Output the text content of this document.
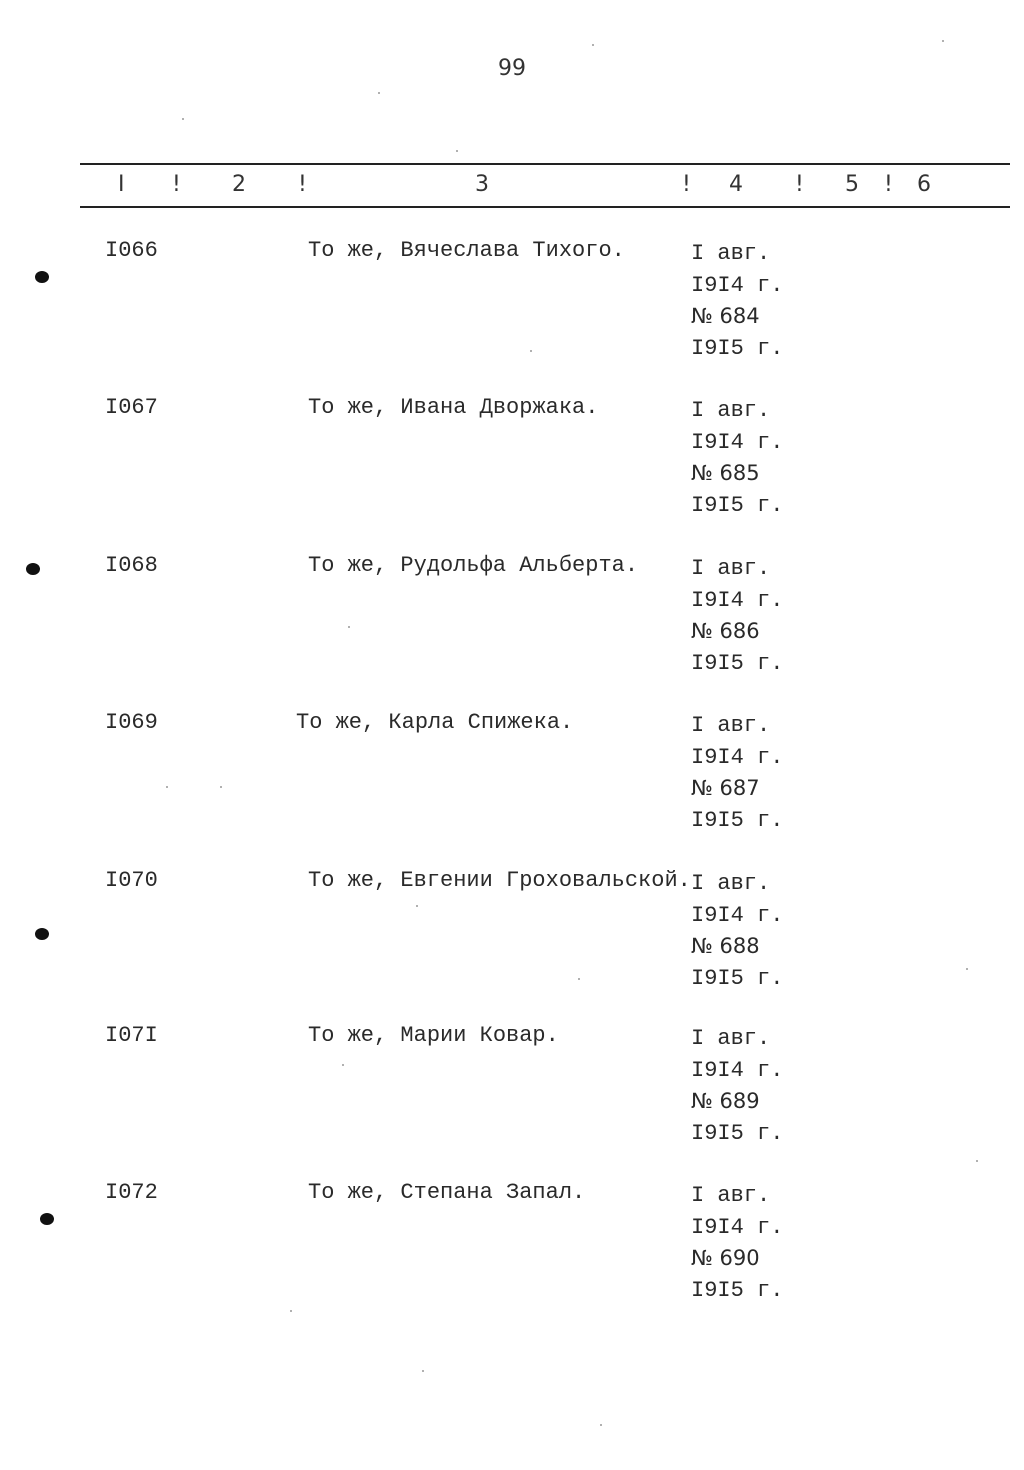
99
I ! 2 !	3	! 4 ! 5 ! 6
I066	То же, Вячеслава Тихого.	I авг.
I9I4 г.
№ 684
I9I5 г.
I067	То же, Ивана Дворжака.	I авг.
I9I4 г.
№ 685
I9I5 г.
I068	То же, Рудольфа Альберта. I авг.
I9I4 г.
№ 686
I9I5 г.
I069	То же, Карла Спижека.	I авг.
I9I4 г.
№ 687
I9I5 г.
I070	То же, Евгении Гроховальской. I авг.
I9I4 г.
№ 688
I9I5 г.
I07I	То же, Марии Ковар.	I авг.
I9I4 г.
№ 689
I9I5 г.
I072	То же, Степана Запал.	I авг.
I9I4 г.
№ 690
I9I5 г.
